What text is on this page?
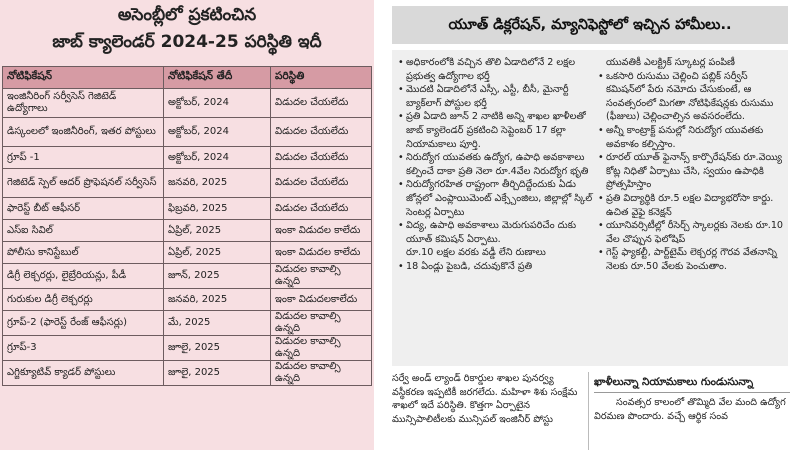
అసెంబ్లీలో ప్రకటించిన
జాబ్ క్యాలెండర్ 2024-25 పరిస్థితి ఇదీ
నోటిఫికేషన్	నోటిఫికేషన్ తేదీ	పరిస్థితి
ఇంజినీరింగ్ సర్వీసెస్ గెజిటెడ్ ఉద్యోగాలు	అక్టోబర్, 2024	విడుదల చేయలేదు
డిస్కంలలో ఇంజినీరింగ్, ఇతర పోస్టులు	అక్టోబర్, 2024	విడుదల చేయలేదు
గ్రూప్ -1	అక్టోబర్, 2024	విడుదల చేయలేదు
గెజిటెడ్ స్పెల్ ఆదర్ ప్రొఫెషనల్ సర్వీసెస్	జనవరి, 2025	విడుదల చేయలేదు
ఫారెస్ట్ బీట్ ఆఫీసర్	ఫిబ్రవరి, 2025	విడుదల చేయలేదు
ఎస్ఐ సివిల్	ఏప్రిల్, 2025	ఇంకా విడుదల కాలేదు
పోలీసు కానిస్టేబుల్	ఏప్రిల్, 2025	ఇంకా విడుదల కాలేదు
డిగ్రీ లెక్చరర్లు, లైబ్రేరియన్లు, పీడీ	జూన్, 2025	విడుదల కావాల్సి ఉన్నది
గురుకుల డిగ్రీ లెక్చరర్లు	జనవరి, 2025	ఇంకా విడుదలకాలేదు
గ్రూప్-2 (ఫారెస్ట్ రేంజ్ ఆఫీసర్లు)	మే, 2025	విడుదల కావాల్సి ఉన్నది
గ్రూప్-3	జూలై, 2025	విడుదల కావాల్సి ఉన్నది
ఎగ్జిక్యూటివ్ క్యాడర్ పోస్టులు	జూలై, 2025	విడుదల కావాల్సి ఉన్నది
యూత్ డిక్లరేషన్, మ్యానిఫెస్టోలో ఇచ్చిన హామీలు..
• అధికారంలోకి వచ్చిన తొలి ఏడాదిలోనే 2 లక్షల ప్రభుత్వ ఉద్యోగాల భర్తీ
• మొదటి ఏడాదిలోనే ఎస్సీ, ఎస్టీ, బీసీ, మైనార్టీ బ్యాక్‌లాగ్ పోస్టుల భర్తీ
• ప్రతి ఏడాది జూన్ 2 నాటికి అన్ని శాఖల ఖాళీలతో జాబ్ క్యాలెండర్ ప్రకటించి సెప్టెంబర్ 17 కల్లా నియామకాలు పూర్తి.
• నిరుద్యోగ యువతకు ఉద్యోగ, ఉపాధి అవకాశాలు కల్పించే దాకా ప్రతి నెలా రూ.4వేల నిరుద్యోగ భృతి
• నిరుద్యోగరహిత రాష్ట్రంగా తీర్చిదిద్దేందుకు ఏడు జోన్లలో ఎంప్లాయిమెంట్ ఎక్స్చేంజిలు, జిల్లాల్లో స్కిల్ సెంటర్ల ఏర్పాటు
• విద్య, ఉపాధి అవకాశాలు మెరుగుపరిచేం దుకు యూత్ కమిషన్ ఏర్పాటు.
రూ.10 లక్షల వరకు వడ్డీ లేని రుణాలు
• 18 ఏండ్లు పైబడి, చదువుకొనే ప్రతి
యువతికీ ఎలక్ట్రిక్ స్కూటర్ల పంపిణీ
• ఒకసారి రుసుము చెల్లించి పబ్లిక్ సర్వీస్ కమిషన్‌లో పేరు నమోదు చేసుకుంటే, ఆ సంవత్సరంలో మిగతా నోటిఫికేషన్లకు రుసుము (ఫీజులు) చెల్లించాల్సిన అవసరంలేదు.
• అన్నీ కాంట్రాక్ట్ పనుల్లో నిరుద్యోగ యువతకు అవకాశం కల్పిస్తాం.
• రూరల్ యూత్ ఫైనాన్స్ కార్పొరేషన్‌కు రూ.వెయ్యి కోట్ల నిధితో ఏర్పాటు చేసి, స్వయం ఉపాధికి ప్రోత్సహిస్తాం
• ప్రతి విద్యార్థికి రూ.5 లక్షల విద్యాభరోసా కార్డు. ఉచిత వైఫై కనెక్షన్
• యూనివర్సిటీల్లో రీసెర్చ్ స్కాలర్లకు నెలకు రూ.10 వేల చొప్పున ఫెలోషిప్
• గెస్ట్ ఫ్యాకల్టీ, పార్ట్‌టైమ్ లెక్చరర్ల గౌరవ వేతనాన్ని నెలకు రూ.50 వేలకు పెంచుతాం.
సర్వే అండ్ ల్యాండ్ రికార్డుల శాఖల పునర్వ్య వస్థీకరణ ఇప్పటికీ జరగలేదు. మహిళా శిశు సంక్షేమ శాఖలో ఇదే పరిస్థితి. కొత్తగా ఏర్పాటైన మున్సిపాలిటీలకు మున్సిపల్ ఇంజినీర్ పోస్టు
ఖాళీలున్నా నియామకాలు గుండుసున్నా
సంవత్సర కాలంలో తొమ్మిది వేల మంది ఉద్యోగ విరమణ పొందారు. వచ్చే ఆర్థిక సంవ
